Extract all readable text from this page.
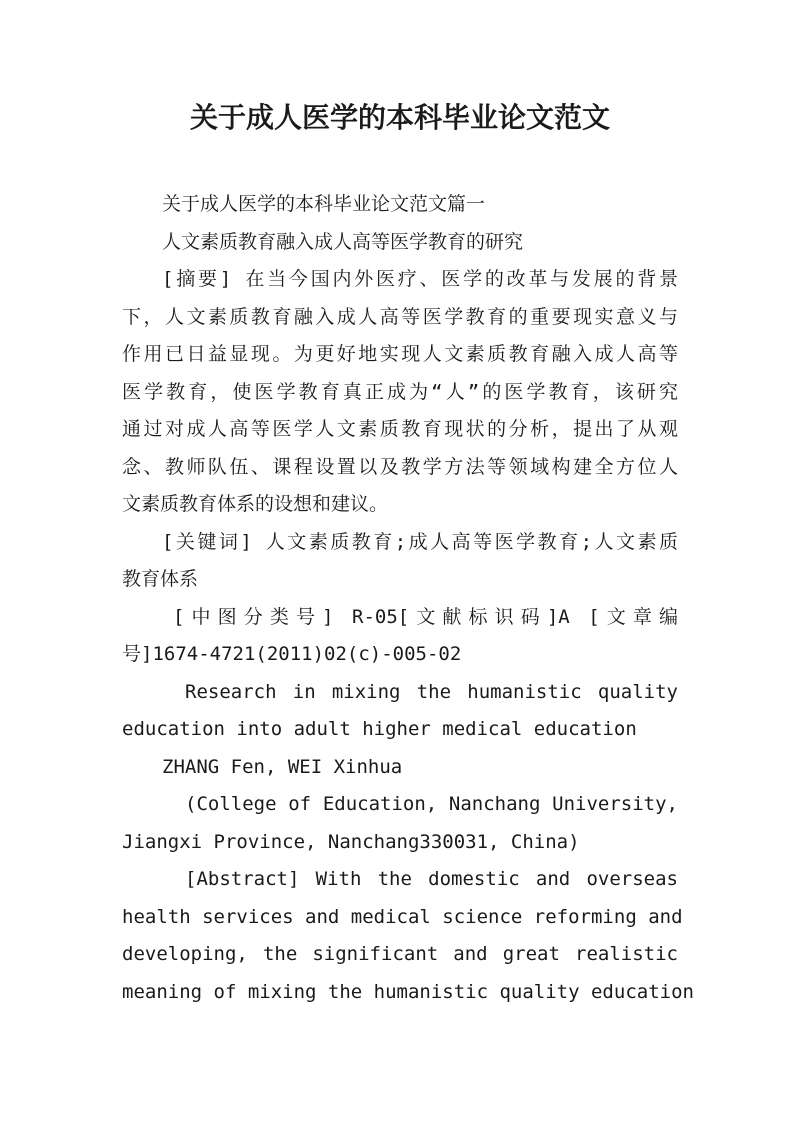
关于成人医学的本科毕业论文范文
关于成人医学的本科毕业论文范文篇一
人文素质教育融入成人高等医学教育的研究
[摘要] 在当今国内外医疗、医学的改革与发展的背景
下，人文素质教育融入成人高等医学教育的重要现实意义与
作用已日益显现。为更好地实现人文素质教育融入成人高等
医学教育，使医学教育真正成为“人”的医学教育，该研究
通过对成人高等医学人文素质教育现状的分析，提出了从观
念、教师队伍、课程设置以及教学方法等领域构建全方位人
文素质教育体系的设想和建议。
[关键词] 人文素质教育;成人高等医学教育;人文素质
教育体系
[中图分类号] R-05[文献标识码]A [文章编
号]1674-4721(2011)02(c)-005-02
Research in mixing the humanistic quality
education into adult higher medical education
ZHANG Fen, WEI Xinhua
(College of Education, Nanchang University,
Jiangxi Province, Nanchang330031, China)
[Abstract] With the domestic and overseas
health services and medical science reforming and
developing, the significant and great realistic
meaning of mixing the humanistic quality education
